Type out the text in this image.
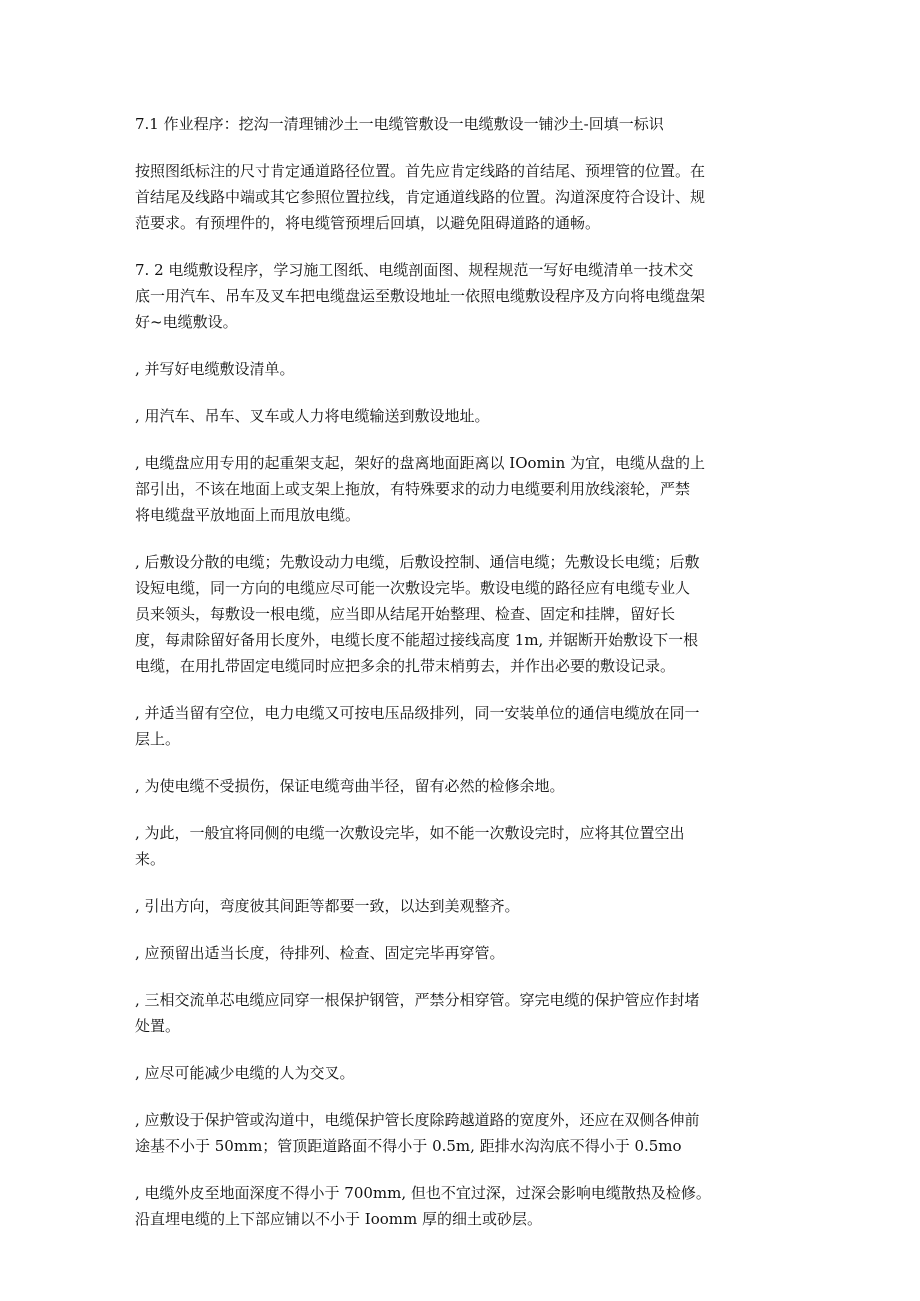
7.1 作业程序：挖沟一清理铺沙土一电缆管敷设一电缆敷设一铺沙土-回填一标识

按照图纸标注的尺寸肯定通道路径位置。首先应肯定线路的首结尾、预埋管的位置。在
首结尾及线路中端或其它参照位置拉线，肯定通道线路的位置。沟道深度符合设计、规
范要求。有预埋件的，将电缆管预埋后回填，以避免阻碍道路的通畅。

7. 2 电缆敷设程序，学习施工图纸、电缆剖面图、规程规范一写好电缆清单一技术交
底一用汽车、吊车及叉车把电缆盘运至敷设地址一依照电缆敷设程序及方向将电缆盘架
好~电缆敷设。

, 并写好电缆敷设清单。

, 用汽车、吊车、叉车或人力将电缆输送到敷设地址。

, 电缆盘应用专用的起重架支起，架好的盘离地面距离以 IOomin 为宜，电缆从盘的上
部引出，不该在地面上或支架上拖放，有特殊要求的动力电缆要利用放线滚轮，严禁
将电缆盘平放地面上而甩放电缆。

, 后敷设分散的电缆；先敷设动力电缆，后敷设控制、通信电缆；先敷设长电缆；后敷
设短电缆，同一方向的电缆应尽可能一次敷设完毕。敷设电缆的路径应有电缆专业人
员来领头，每敷设一根电缆，应当即从结尾开始整理、检查、固定和挂牌，留好长
度，每肃除留好备用长度外，电缆长度不能超过接线高度 1m, 并锯断开始敷设下一根
电缆，在用扎带固定电缆同时应把多余的扎带末梢剪去，并作出必要的敷设记录。

, 并适当留有空位，电力电缆又可按电压品级排列，同一安装单位的通信电缆放在同一
层上。

, 为使电缆不受损伤，保证电缆弯曲半径，留有必然的检修余地。

, 为此，一般宜将同侧的电缆一次敷设完毕，如不能一次敷设完时，应将其位置空出
来。

, 引出方向，弯度彼其间距等都要一致，以达到美观整齐。

, 应预留出适当长度，待排列、检查、固定完毕再穿管。

, 三相交流单芯电缆应同穿一根保护钢管，严禁分相穿管。穿完电缆的保护管应作封堵
处置。

, 应尽可能减少电缆的人为交叉。

, 应敷设于保护管或沟道中，电缆保护管长度除跨越道路的宽度外，还应在双侧各伸前
途基不小于 50mm；管顶距道路面不得小于 0.5m, 距排水沟沟底不得小于 0.5mo

, 电缆外皮至地面深度不得小于 700mm, 但也不宜过深，过深会影响电缆散热及检修。
沿直埋电缆的上下部应铺以不小于 Ioomm 厚的细土或砂层。
